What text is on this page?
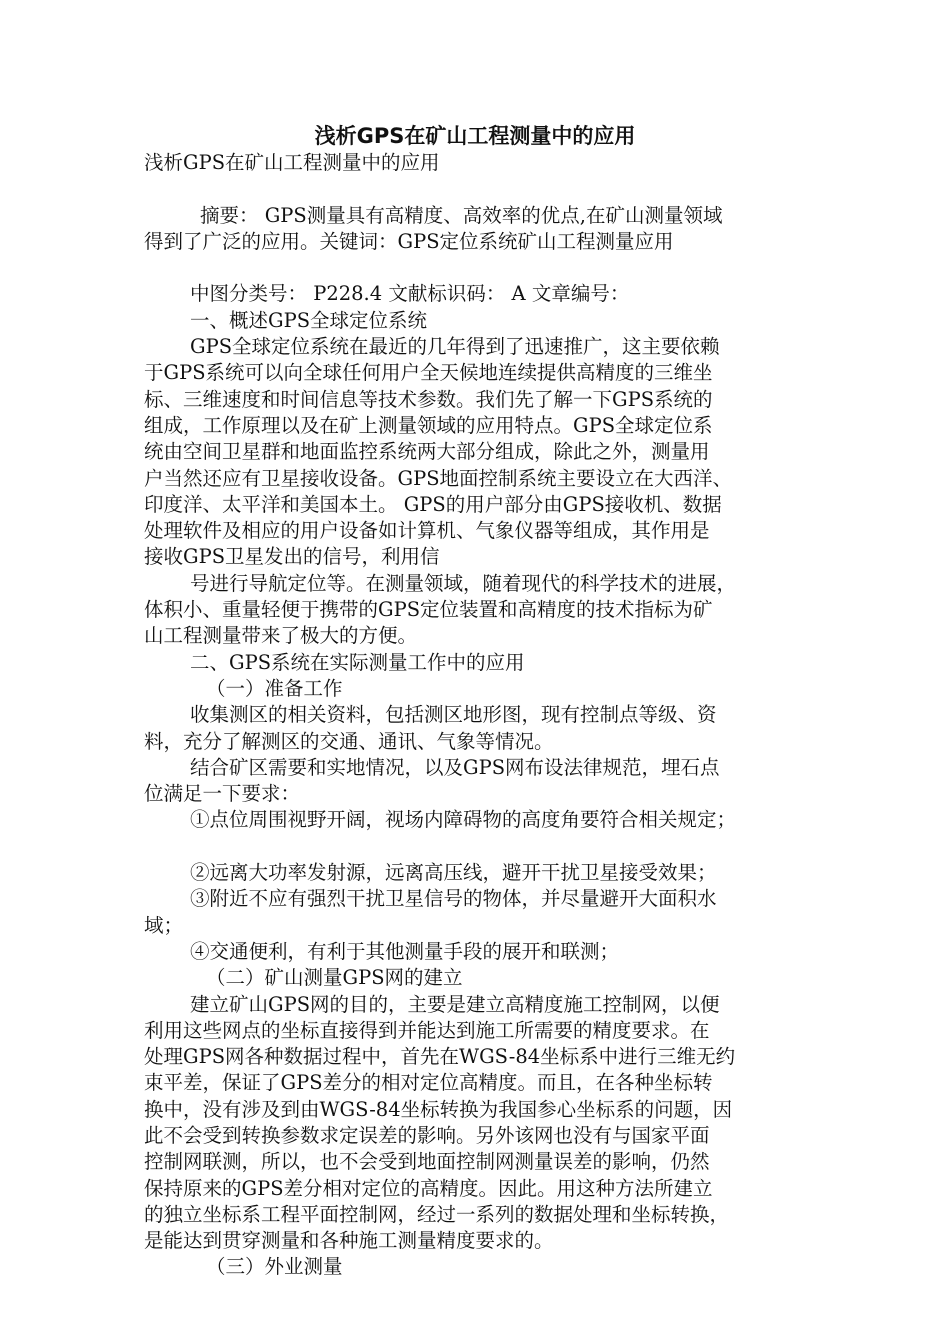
浅析GPS在矿山工程测量中的应用
浅析GPS在矿山工程测量中的应用
摘要： GPS测量具有高精度、高效率的优点,在矿山测量领域
得到了广泛的应用。关键词：GPS定位系统矿山工程测量应用
中图分类号： P228.4 文献标识码： A 文章编号：
一、概述GPS全球定位系统
GPS全球定位系统在最近的几年得到了迅速推广，这主要依赖
于GPS系统可以向全球任何用户全天候地连续提供高精度的三维坐
标、三维速度和时间信息等技术参数。我们先了解一下GPS系统的
组成，工作原理以及在矿上测量领域的应用特点。GPS全球定位系
统由空间卫星群和地面监控系统两大部分组成，除此之外，测量用
户当然还应有卫星接收设备。GPS地面控制系统主要设立在大西洋、
印度洋、太平洋和美国本土。 GPS的用户部分由GPS接收机、数据
处理软件及相应的用户设备如计算机、气象仪器等组成，其作用是
接收GPS卫星发出的信号，利用信
号进行导航定位等。在测量领域，随着现代的科学技术的进展，
体积小、重量轻便于携带的GPS定位装置和高精度的技术指标为矿
山工程测量带来了极大的方便。
二、GPS系统在实际测量工作中的应用
（一）准备工作
收集测区的相关资料，包括测区地形图，现有控制点等级、资
料，充分了解测区的交通、通讯、气象等情况。
结合矿区需要和实地情况，以及GPS网布设法律规范，埋石点
位满足一下要求：
①点位周围视野开阔，视场内障碍物的高度角要符合相关规定；
②远离大功率发射源，远离高压线，避开干扰卫星接受效果；
③附近不应有强烈干扰卫星信号的物体，并尽量避开大面积水
域；
④交通便利，有利于其他测量手段的展开和联测；
（二）矿山测量GPS网的建立
建立矿山GPS网的目的，主要是建立高精度施工控制网，以便
利用这些网点的坐标直接得到并能达到施工所需要的精度要求。在
处理GPS网各种数据过程中，首先在WGS-84坐标系中进行三维无约
束平差，保证了GPS差分的相对定位高精度。而且，在各种坐标转
换中，没有涉及到由WGS-84坐标转换为我国参心坐标系的问题，因
此不会受到转换参数求定误差的影响。另外该网也没有与国家平面
控制网联测，所以，也不会受到地面控制网测量误差的影响，仍然
保持原来的GPS差分相对定位的高精度。因此。用这种方法所建立
的独立坐标系工程平面控制网，经过一系列的数据处理和坐标转换，
是能达到贯穿测量和各种施工测量精度要求的。
（三）外业测量
